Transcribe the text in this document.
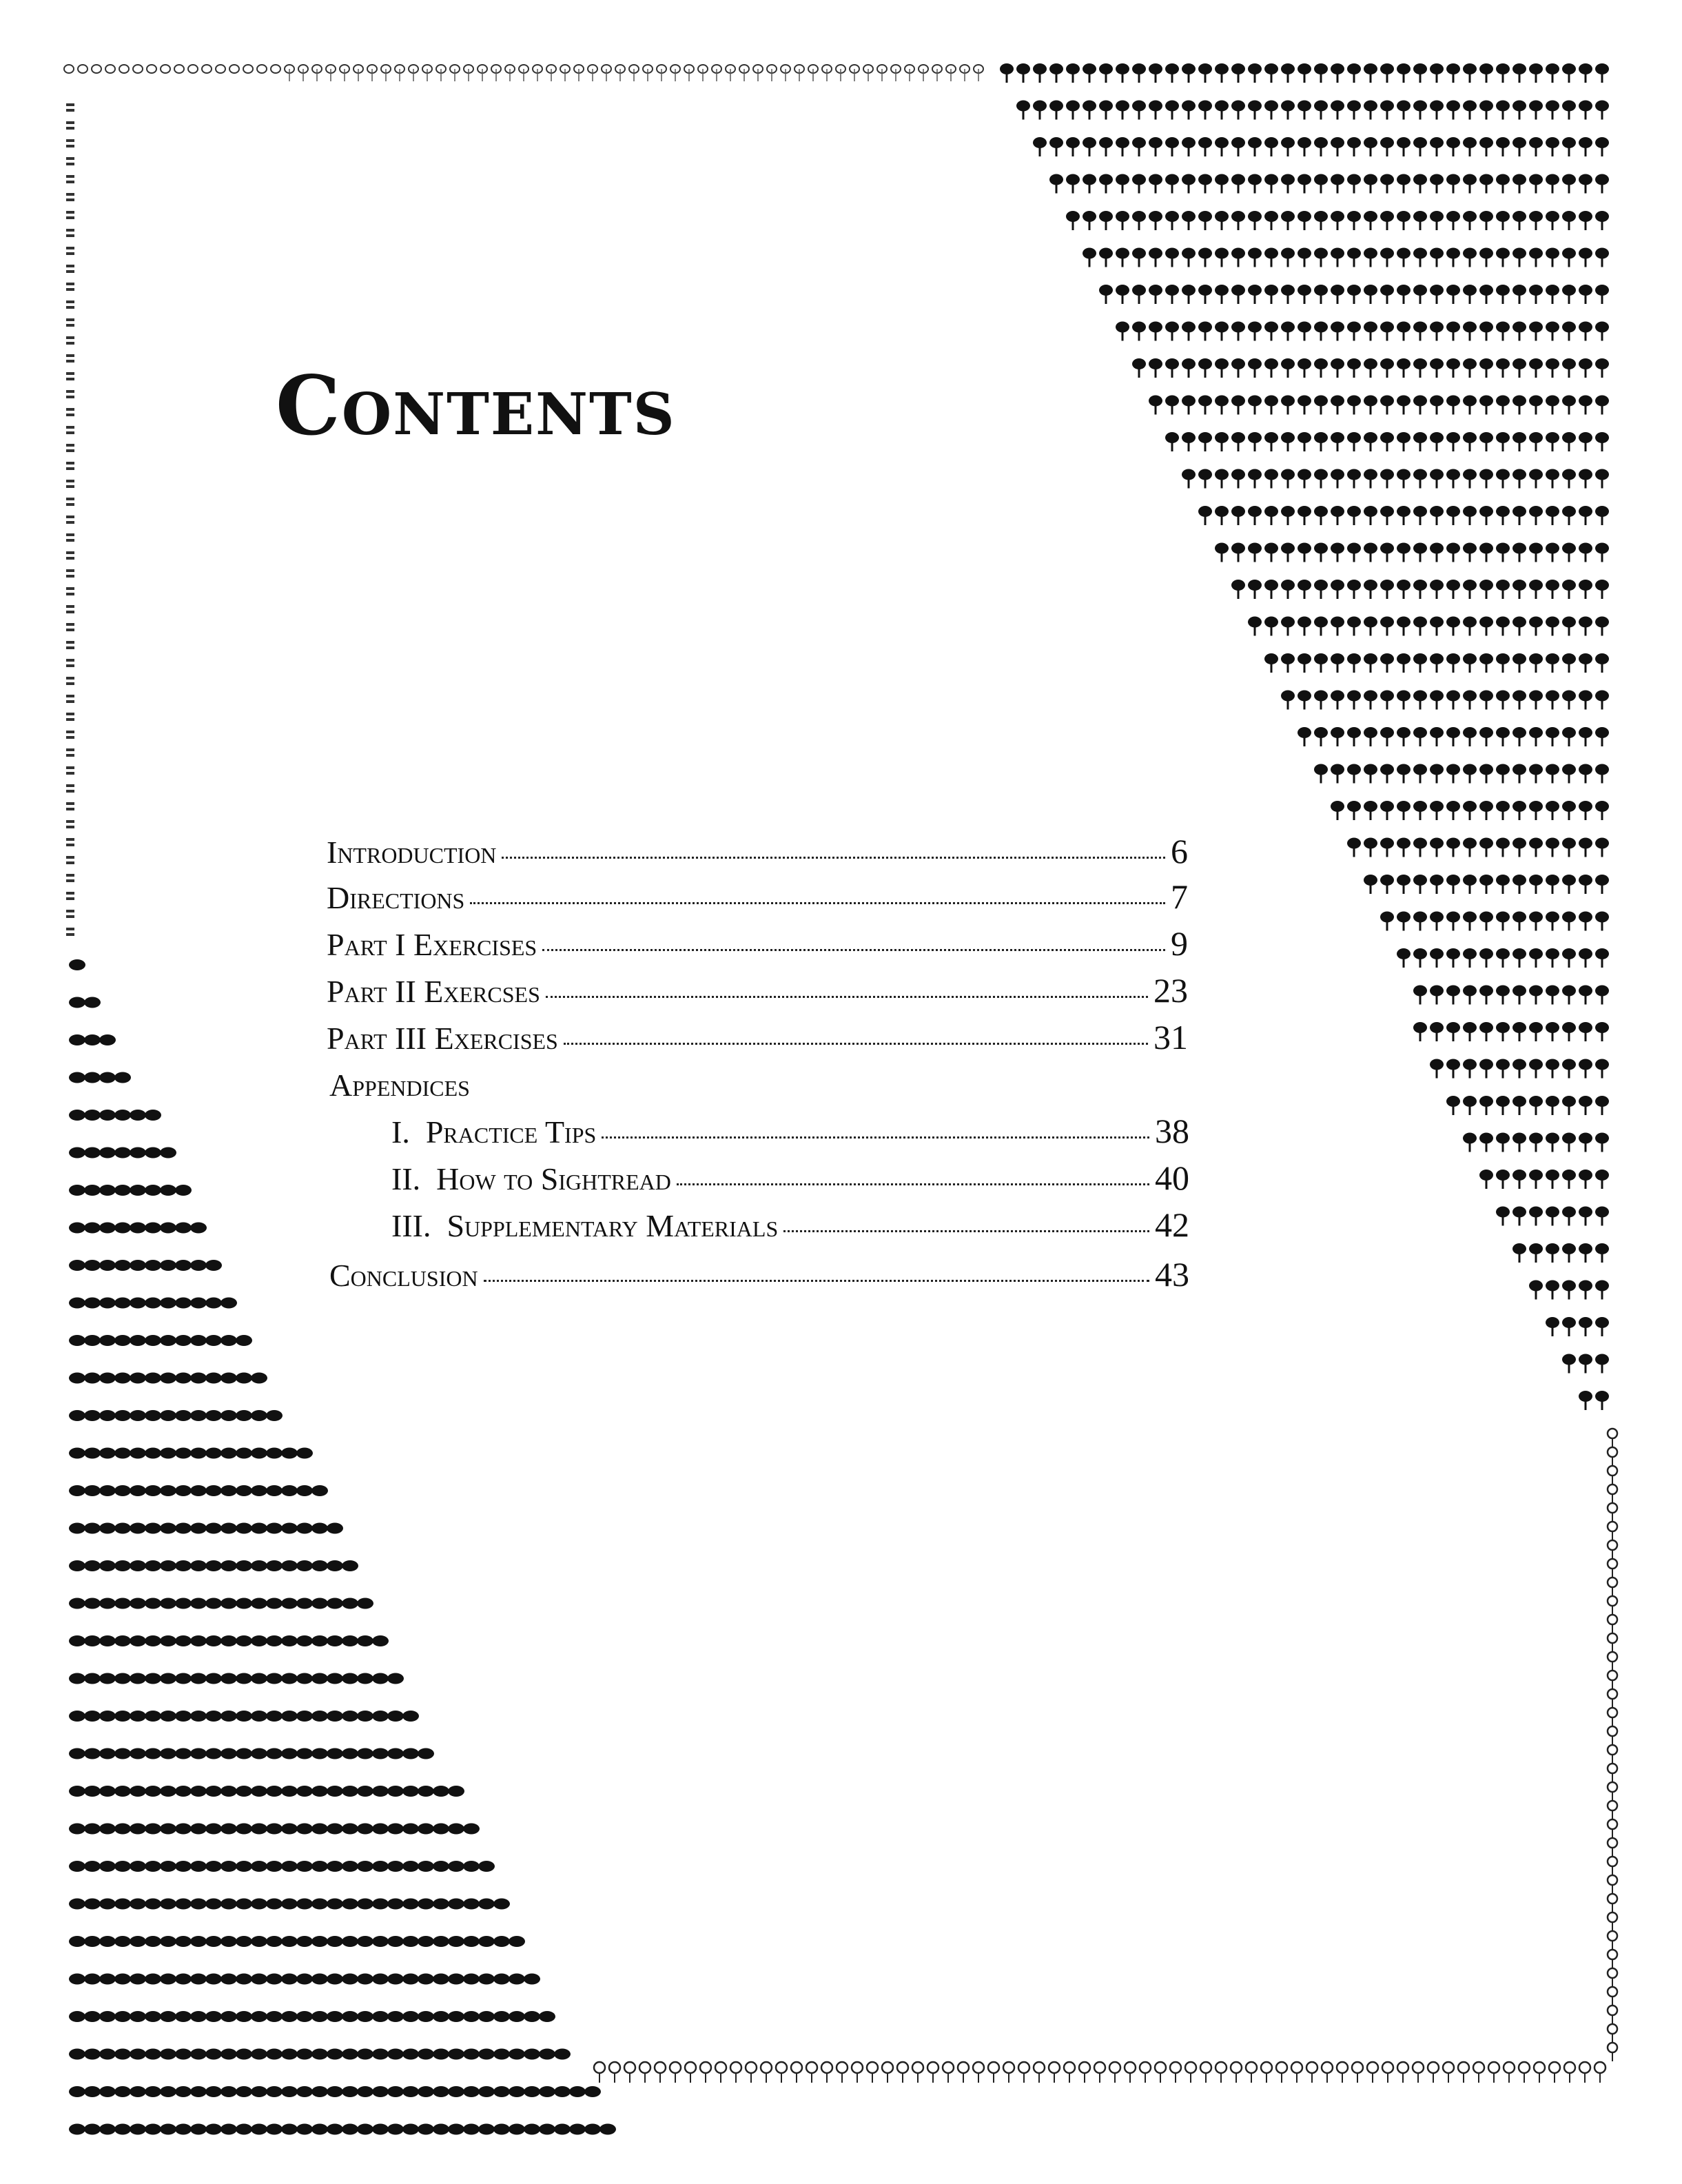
Contents
Introduction	6
Directions	7
Part I Exercises	9
Part II Exercses	23
Part III Exercises	31
Appendices
I.  Practice Tips	38
II.  How to Sightread	40
III.  Supplementary Materials	42
Conclusion	43
